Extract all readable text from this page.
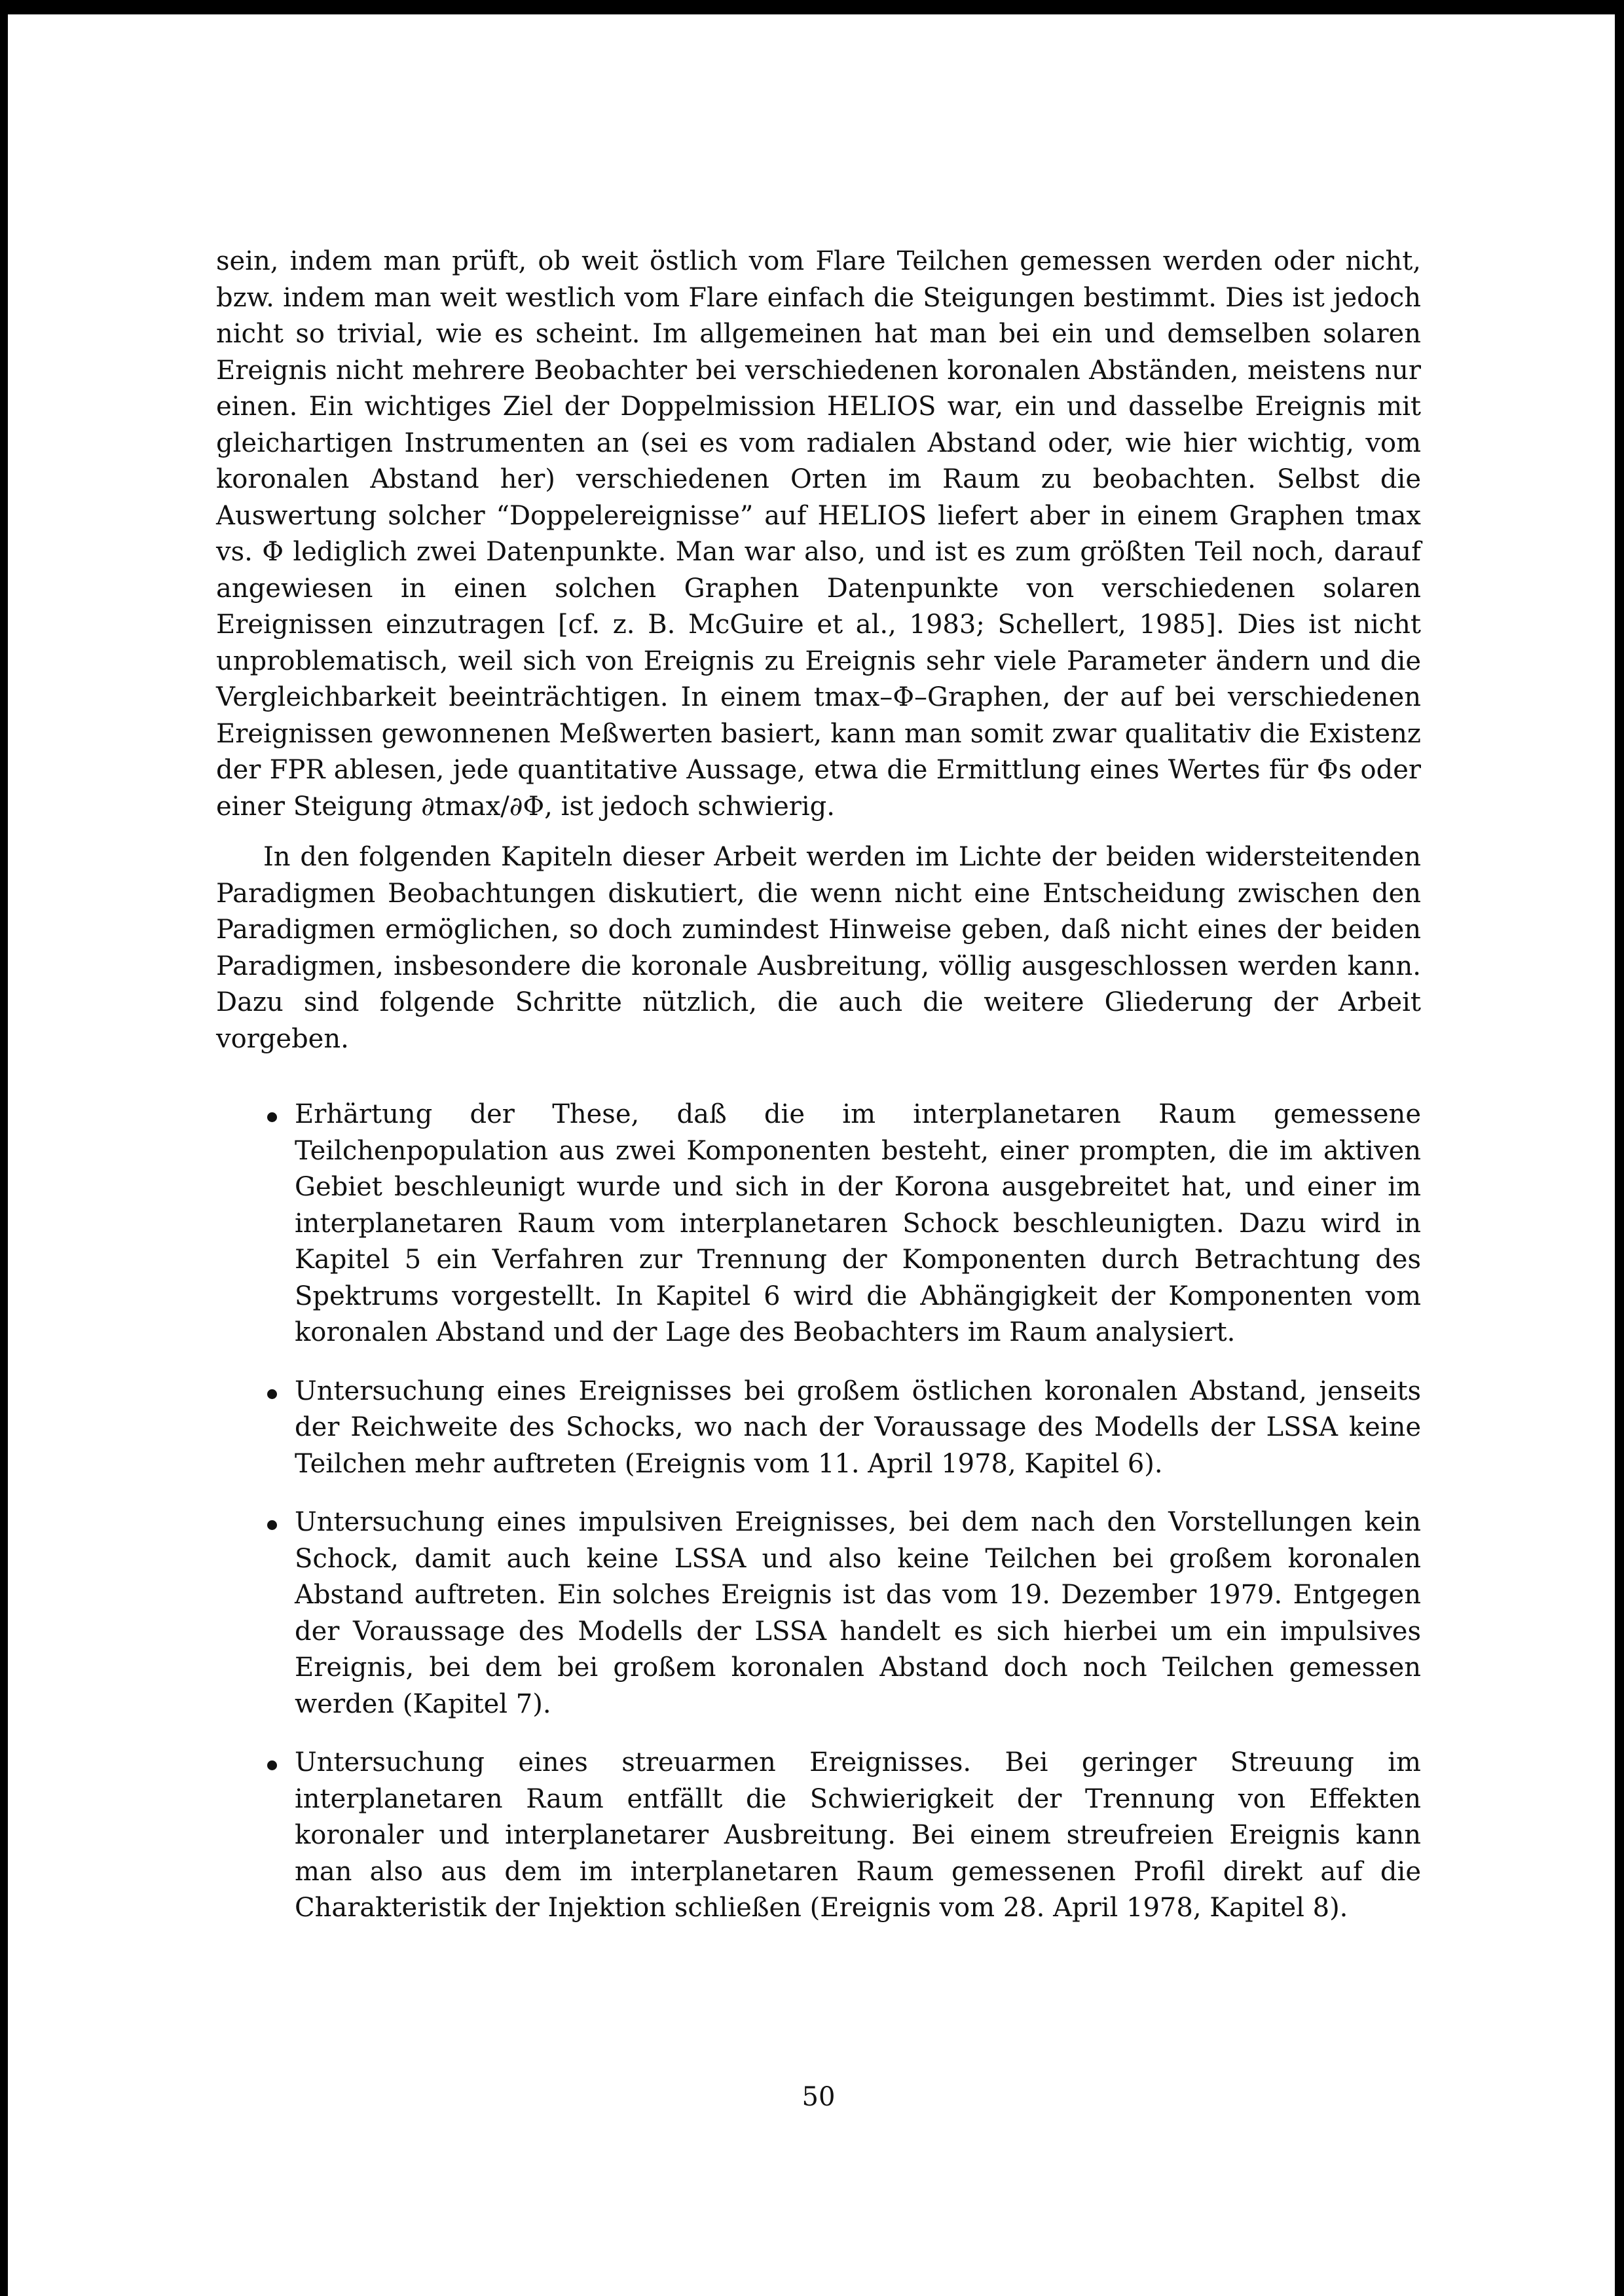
sein, indem man prüft, ob weit östlich vom Flare Teilchen gemessen werden oder nicht, bzw. indem man weit westlich vom Flare einfach die Steigungen bestimmt. Dies ist jedoch nicht so trivial, wie es scheint. Im allgemeinen hat man bei ein und demselben solaren Ereignis nicht mehrere Beobachter bei verschiedenen koronalen Abständen, meistens nur einen. Ein wichtiges Ziel der Doppelmission HELIOS war, ein und dasselbe Ereignis mit gleichartigen Instrumenten an (sei es vom radialen Abstand oder, wie hier wichtig, vom koronalen Abstand her) verschiedenen Orten im Raum zu beobachten. Selbst die Auswertung solcher “Doppelereignisse” auf HELIOS liefert aber in einem Graphen tmax vs. Φ lediglich zwei Datenpunkte. Man war also, und ist es zum größten Teil noch, darauf angewiesen in einen solchen Graphen Datenpunkte von verschiedenen solaren Ereignissen einzutragen [cf. z. B. McGuire et al., 1983; Schellert, 1985]. Dies ist nicht unproblematisch, weil sich von Ereignis zu Ereignis sehr viele Parameter ändern und die Vergleichbarkeit beeinträchtigen. In einem tmax–Φ–Graphen, der auf bei verschiedenen Ereignissen gewonnenen Meßwerten basiert, kann man somit zwar qualitativ die Existenz der FPR ablesen, jede quantitative Aussage, etwa die Ermittlung eines Wertes für Φs oder einer Steigung ∂tmax/∂Φ, ist jedoch schwierig.

In den folgenden Kapiteln dieser Arbeit werden im Lichte der beiden widersteitenden Paradigmen Beobachtungen diskutiert, die wenn nicht eine Entscheidung zwischen den Paradigmen ermöglichen, so doch zumindest Hinweise geben, daß nicht eines der beiden Paradigmen, insbesondere die koronale Ausbreitung, völlig ausgeschlossen werden kann. Dazu sind folgende Schritte nützlich, die auch die weitere Gliederung der Arbeit vorgeben.

Erhärtung der These, daß die im interplanetaren Raum gemessene Teilchenpopulation aus zwei Komponenten besteht, einer prompten, die im aktiven Gebiet beschleunigt wurde und sich in der Korona ausgebreitet hat, und einer im interplanetaren Raum vom interplanetaren Schock beschleunigten. Dazu wird in Kapitel 5 ein Verfahren zur Trennung der Komponenten durch Betrachtung des Spektrums vorgestellt. In Kapitel 6 wird die Abhängigkeit der Komponenten vom koronalen Abstand und der Lage des Beobachters im Raum analysiert.
Untersuchung eines Ereignisses bei großem östlichen koronalen Abstand, jenseits der Reichweite des Schocks, wo nach der Voraussage des Modells der LSSA keine Teilchen mehr auftreten (Ereignis vom 11. April 1978, Kapitel 6).
Untersuchung eines impulsiven Ereignisses, bei dem nach den Vorstellungen kein Schock, damit auch keine LSSA und also keine Teilchen bei großem koronalen Abstand auftreten. Ein solches Ereignis ist das vom 19. Dezember 1979. Entgegen der Voraussage des Modells der LSSA handelt es sich hierbei um ein impulsives Ereignis, bei dem bei großem koronalen Abstand doch noch Teilchen gemessen werden (Kapitel 7).
Untersuchung eines streuarmen Ereignisses. Bei geringer Streuung im interplanetaren Raum entfällt die Schwierigkeit der Trennung von Effekten koronaler und interplanetarer Ausbreitung. Bei einem streufreien Ereignis kann man also aus dem im interplanetaren Raum gemessenen Profil direkt auf die Charakteristik der Injektion schließen (Ereignis vom 28. April 1978, Kapitel 8).
50
